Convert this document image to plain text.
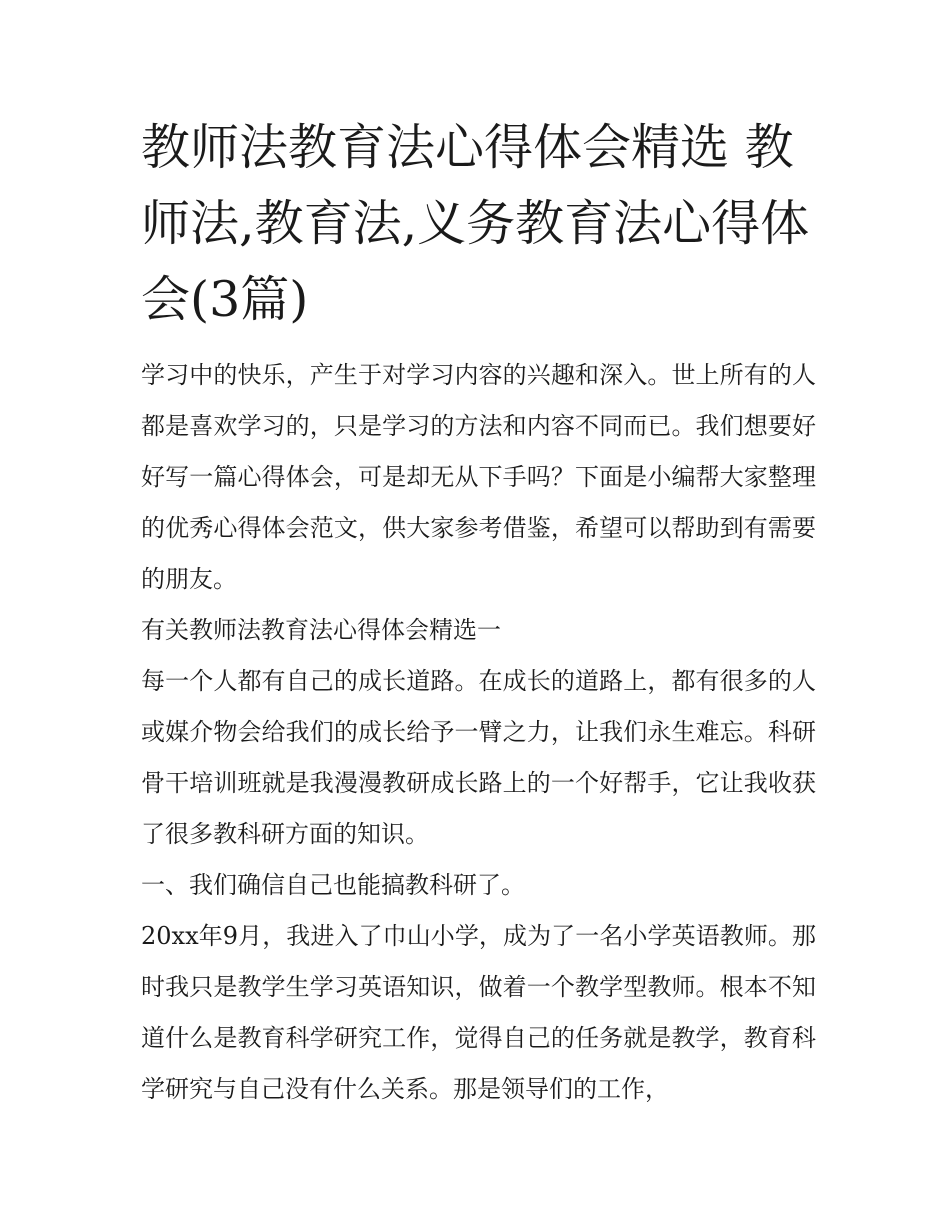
教师法教育法心得体会精选 教师法,教育法,义务教育法心得体会(3篇)

学习中的快乐，产生于对学习内容的兴趣和深入。世上所有的人都是喜欢学习的，只是学习的方法和内容不同而已。我们想要好好写一篇心得体会，可是却无从下手吗？下面是小编帮大家整理的优秀心得体会范文，供大家参考借鉴，希望可以帮助到有需要的朋友。

有关教师法教育法心得体会精选一

每一个人都有自己的成长道路。在成长的道路上，都有很多的人或媒介物会给我们的成长给予一臂之力，让我们永生难忘。科研骨干培训班就是我漫漫教研成长路上的一个好帮手，它让我收获了很多教科研方面的知识。

一、我们确信自己也能搞教科研了。

20xx年9月，我进入了巾山小学，成为了一名小学英语教师。那时我只是教学生学习英语知识，做着一个教学型教师。根本不知道什么是教育科学研究工作，觉得自己的任务就是教学，教育科学研究与自己没有什么关系。那是领导们的工作，
